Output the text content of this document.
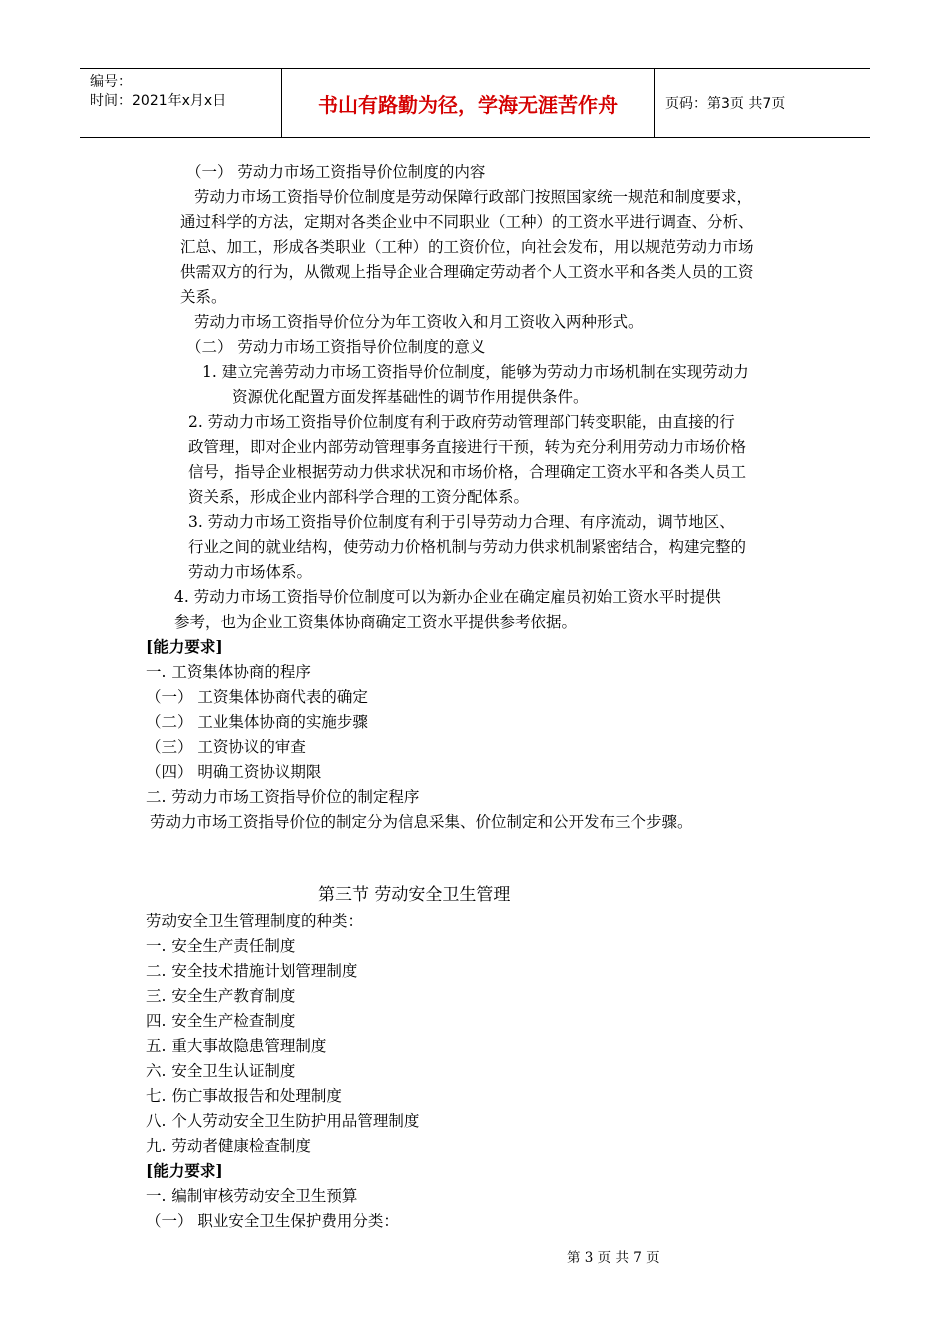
编号：
时间：2021年x月x日	书山有路勤为径，学海无涯苦作舟	页码：第3页 共7页
（一） 劳动力市场工资指导价位制度的内容
劳动力市场工资指导价位制度是劳动保障行政部门按照国家统一规范和制度要求，
通过科学的方法，定期对各类企业中不同职业（工种）的工资水平进行调查、分析、
汇总、加工，形成各类职业（工种）的工资价位，向社会发布，用以规范劳动力市场
供需双方的行为，从微观上指导企业合理确定劳动者个人工资水平和各类人员的工资
关系。
劳动力市场工资指导价位分为年工资收入和月工资收入两种形式。
（二） 劳动力市场工资指导价位制度的意义
1. 建立完善劳动力市场工资指导价位制度，能够为劳动力市场机制在实现劳动力
资源优化配置方面发挥基础性的调节作用提供条件。
2. 劳动力市场工资指导价位制度有利于政府劳动管理部门转变职能，由直接的行
政管理，即对企业内部劳动管理事务直接进行干预，转为充分利用劳动力市场价格
信号，指导企业根据劳动力供求状况和市场价格，合理确定工资水平和各类人员工
资关系，形成企业内部科学合理的工资分配体系。
3. 劳动力市场工资指导价位制度有利于引导劳动力合理、有序流动，调节地区、
行业之间的就业结构，使劳动力价格机制与劳动力供求机制紧密结合，构建完整的
劳动力市场体系。
4. 劳动力市场工资指导价位制度可以为新办企业在确定雇员初始工资水平时提供
参考，也为企业工资集体协商确定工资水平提供参考依据。
[能力要求]
一. 工资集体协商的程序
（一） 工资集体协商代表的确定
（二） 工业集体协商的实施步骤
（三） 工资协议的审查
（四） 明确工资协议期限
二. 劳动力市场工资指导价位的制定程序
劳动力市场工资指导价位的制定分为信息采集、价位制定和公开发布三个步骤。
第三节 劳动安全卫生管理
劳动安全卫生管理制度的种类：
一. 安全生产责任制度
二. 安全技术措施计划管理制度
三. 安全生产教育制度
四. 安全生产检查制度
五. 重大事故隐患管理制度
六. 安全卫生认证制度
七. 伤亡事故报告和处理制度
八. 个人劳动安全卫生防护用品管理制度
九. 劳动者健康检查制度
[能力要求]
一. 编制审核劳动安全卫生预算
（一） 职业安全卫生保护费用分类：
第 3 页 共 7 页
